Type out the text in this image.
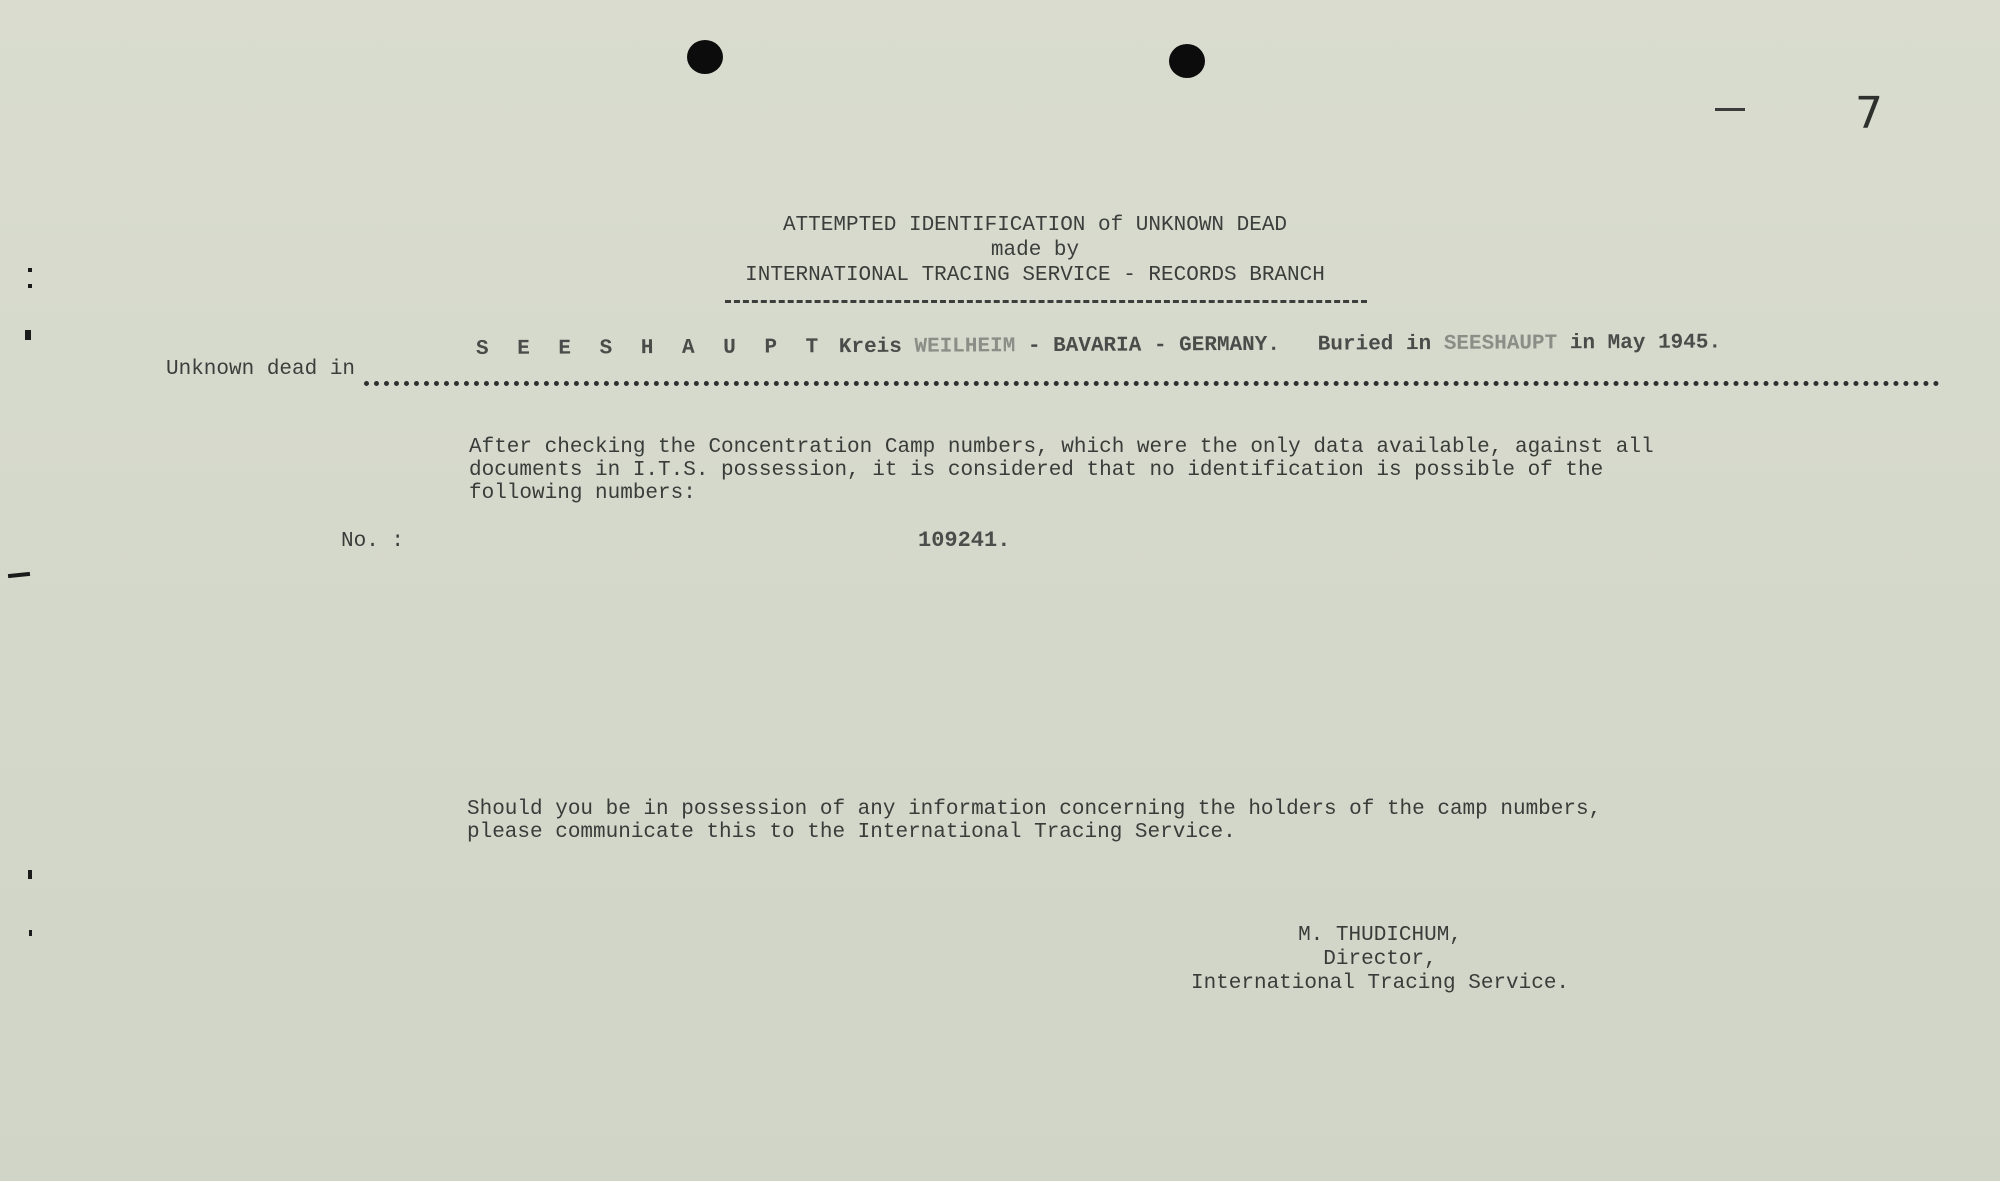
7
ATTEMPTED IDENTIFICATION of UNKNOWN DEAD
made by
INTERNATIONAL TRACING SERVICE - RECORDS BRANCH
Unknown dead in
S E E S H A U P T Kreis WEILHEIM - BAVARIA - GERMANY. Buried in SEESHAUPT in May 1945.
After checking the Concentration Camp numbers, which were the only data available, against all
documents in I.T.S. possession, it is considered that no identification is possible of the
following numbers:
No. :	109241.
Should you be in possession of any information concerning the holders of the camp numbers,
please communicate this to the International Tracing Service.
M. THUDICHUM,
Director,
International Tracing Service.
